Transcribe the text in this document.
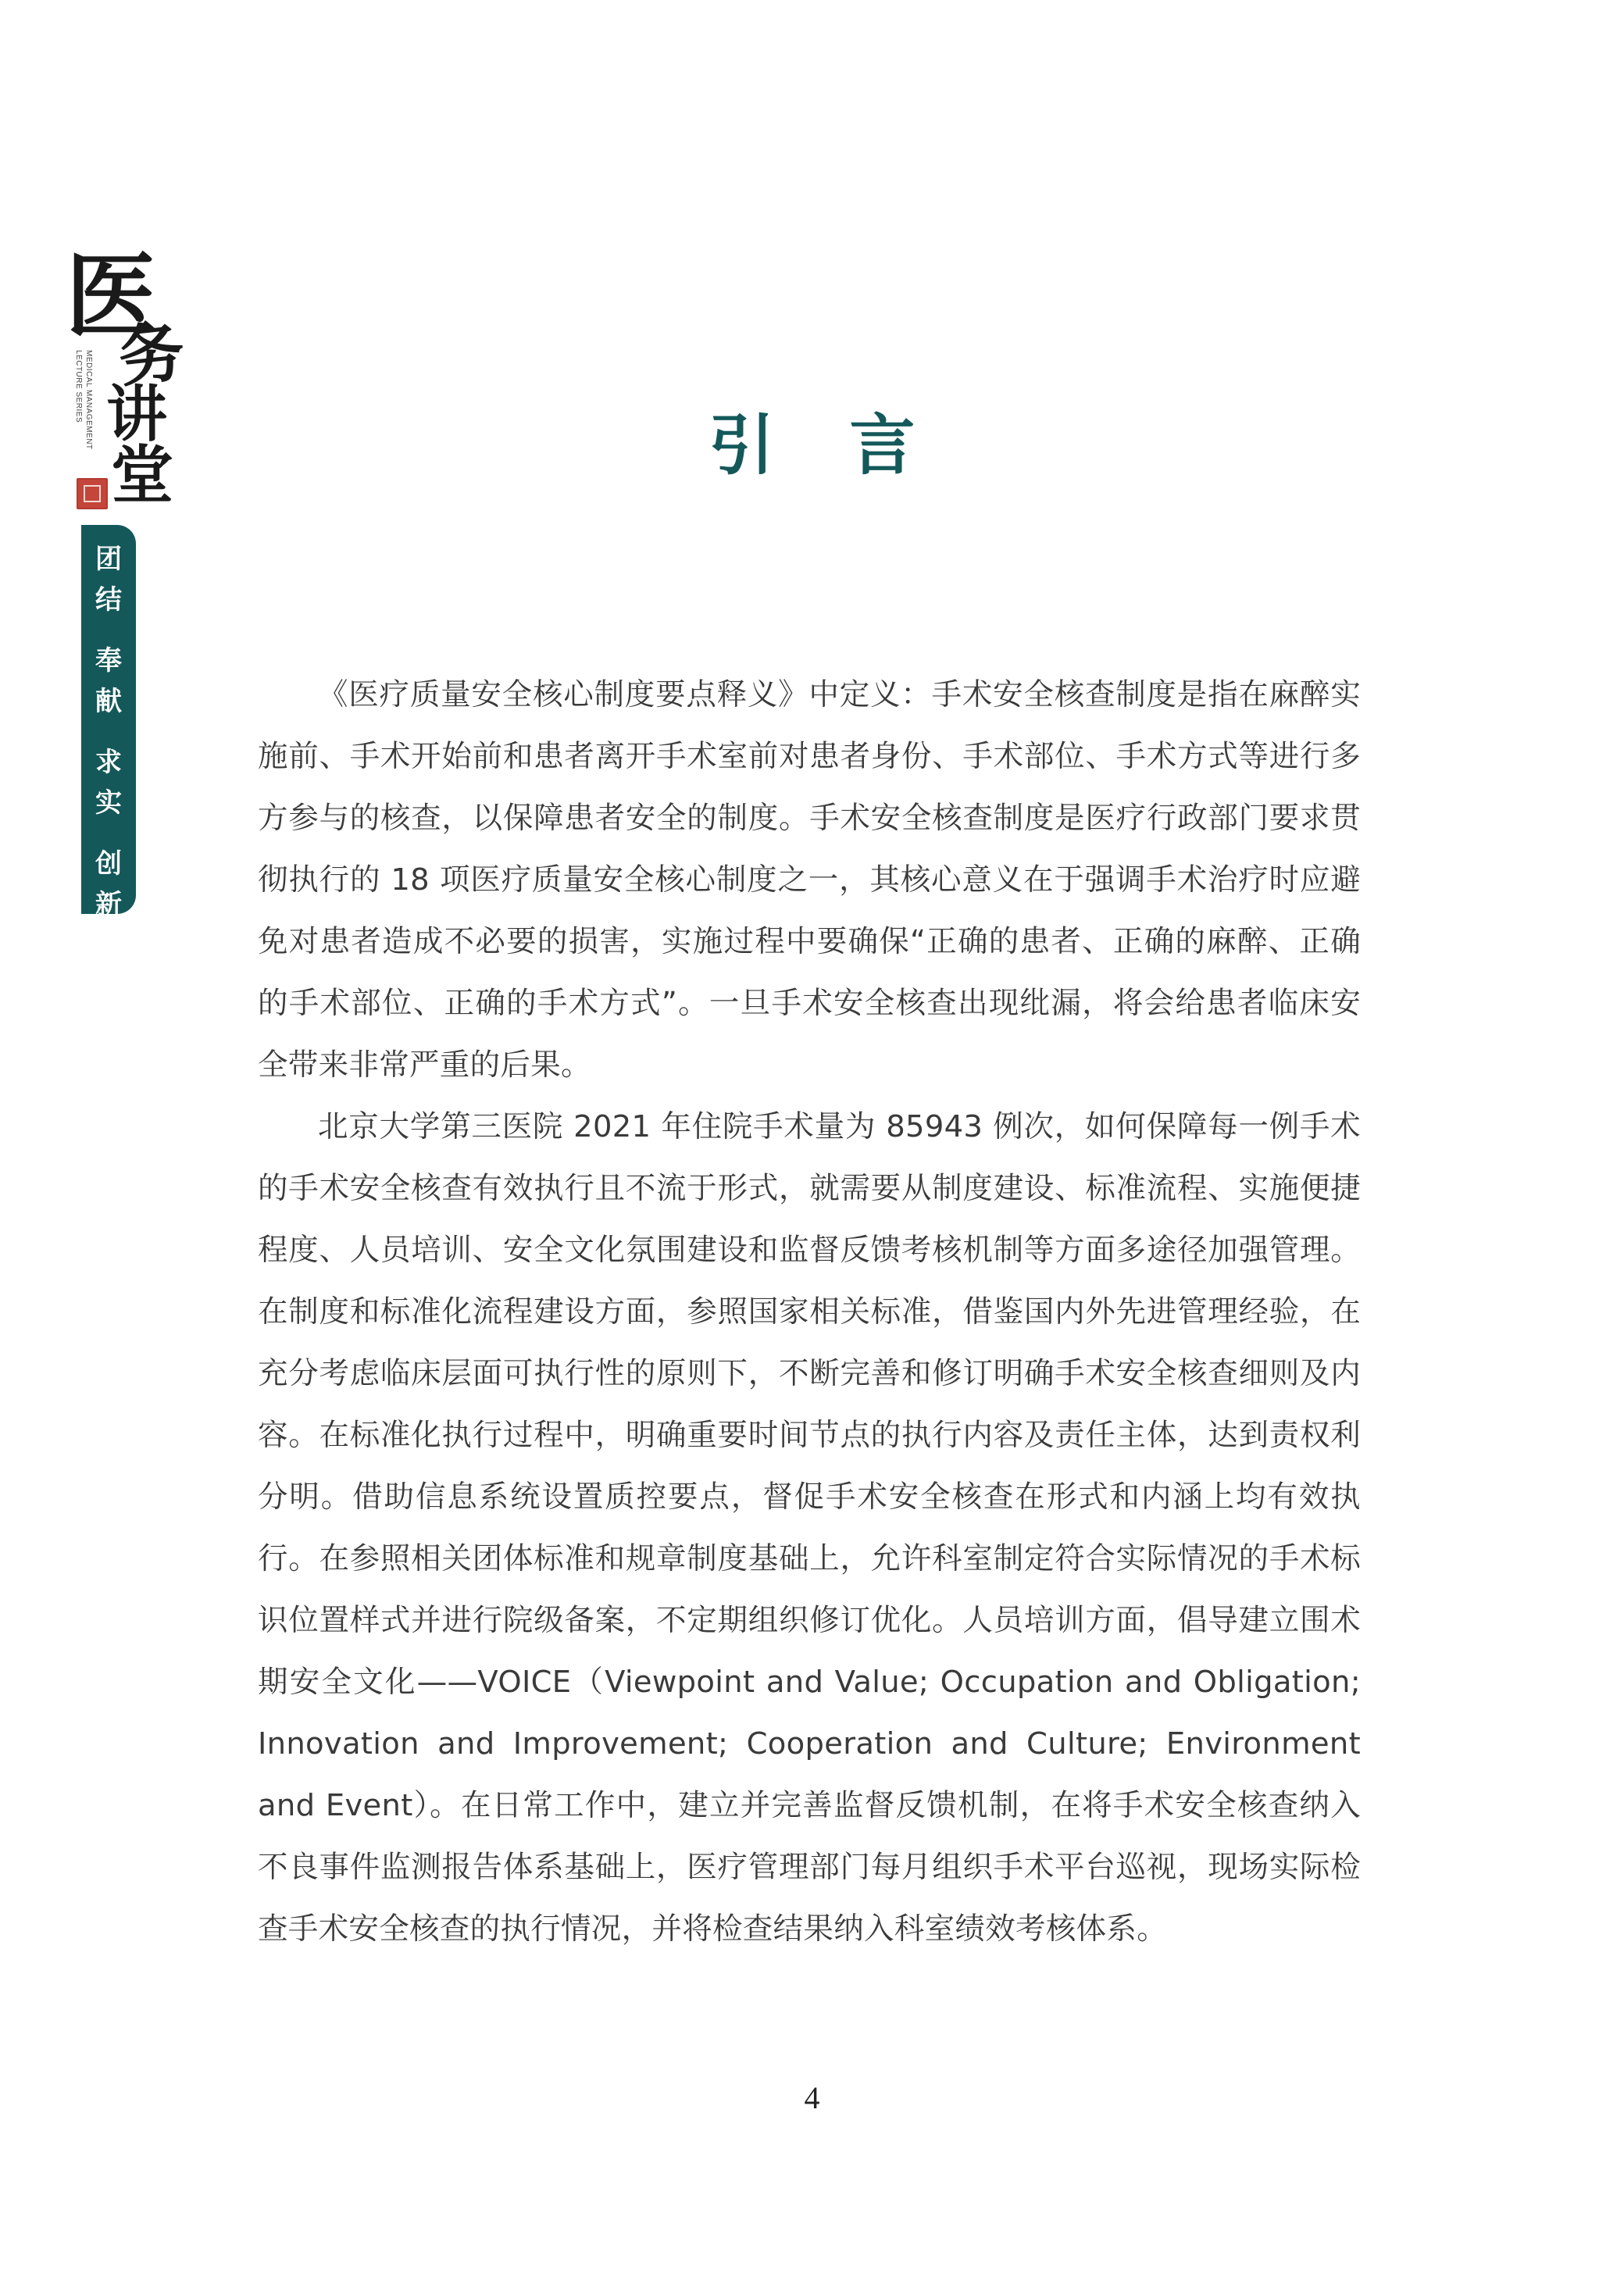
医
务
讲
堂
MEDICAL MANAGEMENT
LECTURE SERIES
团
结
奉
献
求
实
创
新
引言

《医疗质量安全核心制度要点释义》中定义：手术安全核查制度是指在麻醉实施前、手术开始前和患者离开手术室前对患者身份、手术部位、手术方式等进行多方参与的核查，以保障患者安全的制度。手术安全核查制度是医疗行政部门要求贯彻执行的 18 项医疗质量安全核心制度之一，其核心意义在于强调手术治疗时应避免对患者造成不必要的损害，实施过程中要确保“正确的患者、正确的麻醉、正确的手术部位、正确的手术方式”。一旦手术安全核查出现纰漏，将会给患者临床安全带来非常严重的后果。

北京大学第三医院 2021 年住院手术量为 85943 例次，如何保障每一例手术的手术安全核查有效执行且不流于形式，就需要从制度建设、标准流程、实施便捷程度、人员培训、安全文化氛围建设和监督反馈考核机制等方面多途径加强管理。在制度和标准化流程建设方面，参照国家相关标准，借鉴国内外先进管理经验，在充分考虑临床层面可执行性的原则下，不断完善和修订明确手术安全核查细则及内容。在标准化执行过程中，明确重要时间节点的执行内容及责任主体，达到责权利分明。借助信息系统设置质控要点，督促手术安全核查在形式和内涵上均有效执行。在参照相关团体标准和规章制度基础上，允许科室制定符合实际情况的手术标识位置样式并进行院级备案，不定期组织修订优化。人员培训方面，倡导建立围术期安全文化——VOICE（Viewpoint and Value; Occupation and Obligation; Innovation and Improvement; Cooperation and Culture; Environment and Event）。在日常工作中，建立并完善监督反馈机制，在将手术安全核查纳入不良事件监测报告体系基础上，医疗管理部门每月组织手术平台巡视，现场实际检查手术安全核查的执行情况，并将检查结果纳入科室绩效考核体系。

4
